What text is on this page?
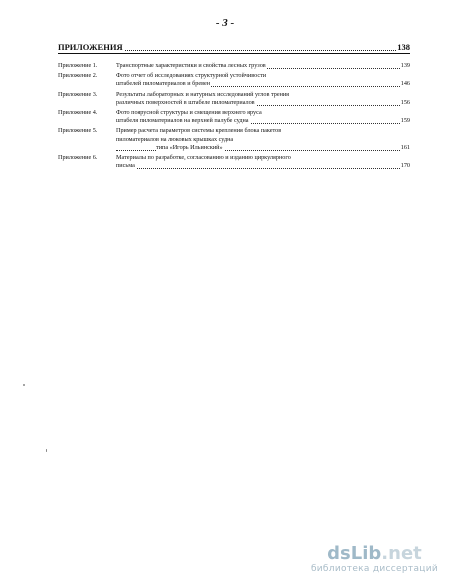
- 3 -
ПРИЛОЖЕНИЯ	138
Приложение 1.	Транспортные характеристики и свойства лесных грузов	139
Приложение 2.	Фото отчет об исследованиях структурной устойчивости
штабелей пиломатериалов и бревен	146
Приложение 3.	Результаты лабораторных и натурных исследований углов трения
различных поверхностей в штабеле пиломатериалов	156
Приложение 4.	Фото поярусной структуры и смещения верхнего яруса
штабеля пиломатериалов на верхней палубе судна	159
Приложение 5.	Пример расчета параметров системы крепления блока пакетов
пиломатериалов на люковых крышках судна
типа «Игорь Ильинский»	161
Приложение 6.	Материалы по разработке, согласованию и изданию циркулярного
письма	170
dsLib.net
библиотека диссертаций
